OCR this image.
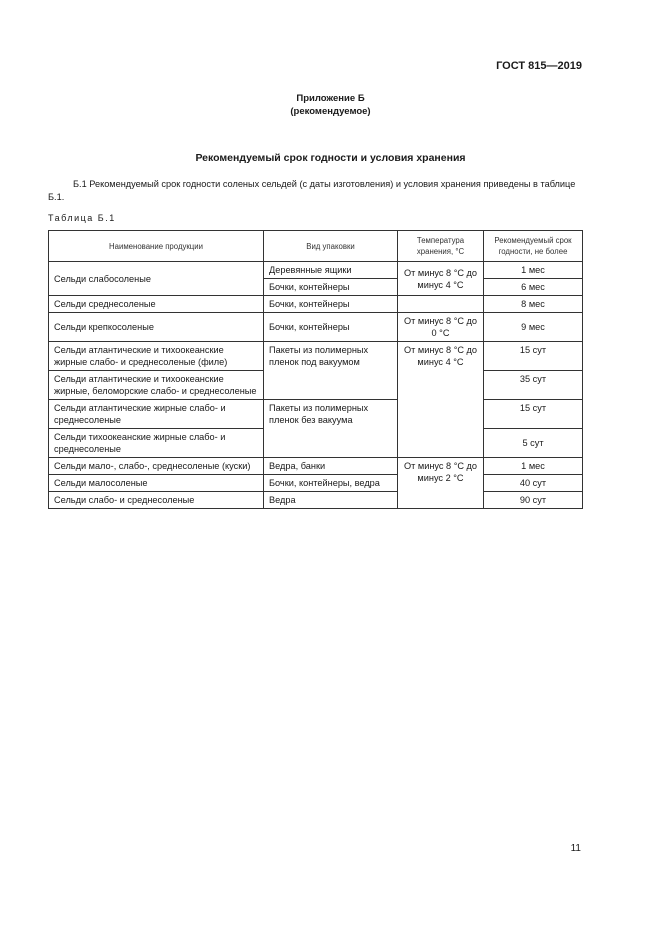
ГОСТ 815—2019
Приложение Б
(рекомендуемое)
Рекомендуемый срок годности и условия хранения
Б.1 Рекомендуемый срок годности соленых сельдей (с даты изготовления) и условия хранения приведены в таблице Б.1.
Таблица Б.1
Наименование продукции	Вид упаковки	Температура хранения, °С	Рекомендуемый срок годности, не более
Сельди слабосоленые	Деревянные ящики	От минус 8 °С до минус 4 °С	1 мес
	Бочки, контейнеры		6 мес
Сельди среднесоленые	Бочки, контейнеры		8 мес
Сельди крепкосоленые	Бочки, контейнеры	От минус 8 °С до 0 °С	9 мес
Сельди атлантические и тихоокеанские жирные слабо- и среднесоленые (филе)	Пакеты из полимерных пленок под вакуумом	От минус 8 °С до минус 4 °С	15 сут
Сельди атлантические и тихоокеанские жирные, беломорские слабо- и среднесоленые			35 сут
Сельди атлантические жирные слабо- и среднесоленые	Пакеты из полимерных пленок без вакуума		15 сут
Сельди тихоокеанские жирные слабо- и среднесоленые			5 сут
Сельди мало-, слабо-, среднесоленые (куски)	Ведра, банки	От минус 8 °С до минус 2 °С	1 мес
Сельди малосоленые	Бочки, контейнеры, ведра		40 сут
Сельди слабо- и среднесоленые	Ведра		90 сут
11
